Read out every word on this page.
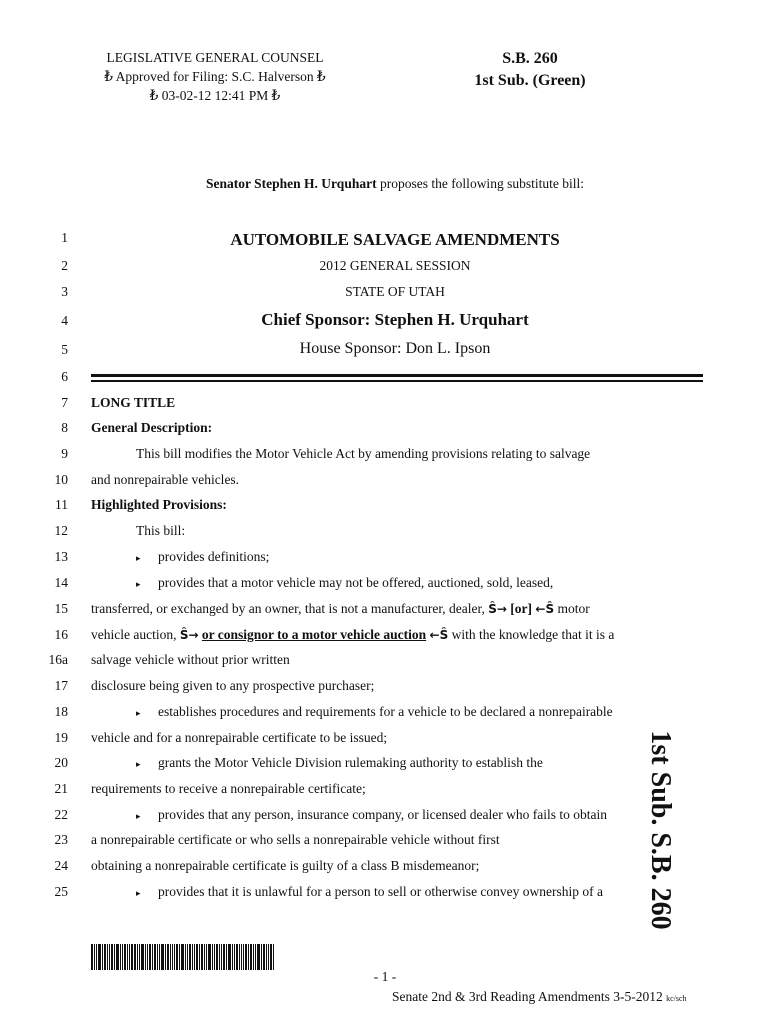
LEGISLATIVE GENERAL COUNSEL
₺ Approved for Filing: S.C. Halverson ₺
₺ 03-02-12 12:41 PM ₺
S.B. 260
1st Sub. (Green)
Senator Stephen H. Urquhart proposes the following substitute bill:
1	AUTOMOBILE SALVAGE AMENDMENTS
2	2012 GENERAL SESSION
3	STATE OF UTAH
4	Chief Sponsor: Stephen H. Urquhart
5	House Sponsor: Don L. Ipson
6
7 LONG TITLE
8 General Description:
9	This bill modifies the Motor Vehicle Act by amending provisions relating to salvage
10 and nonrepairable vehicles.
11 Highlighted Provisions:
12	This bill:
13	▸ provides definitions;
14	▸ provides that a motor vehicle may not be offered, auctioned, sold, leased,
15 transferred, or exchanged by an owner, that is not a manufacturer, dealer, Ŝ→ [or] ←Ŝ motor
16 vehicle auction, Ŝ→ or consignor to a motor vehicle auction ←Ŝ with the knowledge that it is a
16a salvage vehicle without prior written
17 disclosure being given to any prospective purchaser;
18	▸ establishes procedures and requirements for a vehicle to be declared a nonrepairable
19 vehicle and for a nonrepairable certificate to be issued;
20	▸ grants the Motor Vehicle Division rulemaking authority to establish the
21 requirements to receive a nonrepairable certificate;
22	▸ provides that any person, insurance company, or licensed dealer who fails to obtain
23 a nonrepairable certificate or who sells a nonrepairable vehicle without first
24 obtaining a nonrepairable certificate is guilty of a class B misdemeanor;
25	▸ provides that it is unlawful for a person to sell or otherwise convey ownership of a 1st Sub. S.B. 260
- 1 -
Senate 2nd & 3rd Reading Amendments 3-5-2012 kc/sch
